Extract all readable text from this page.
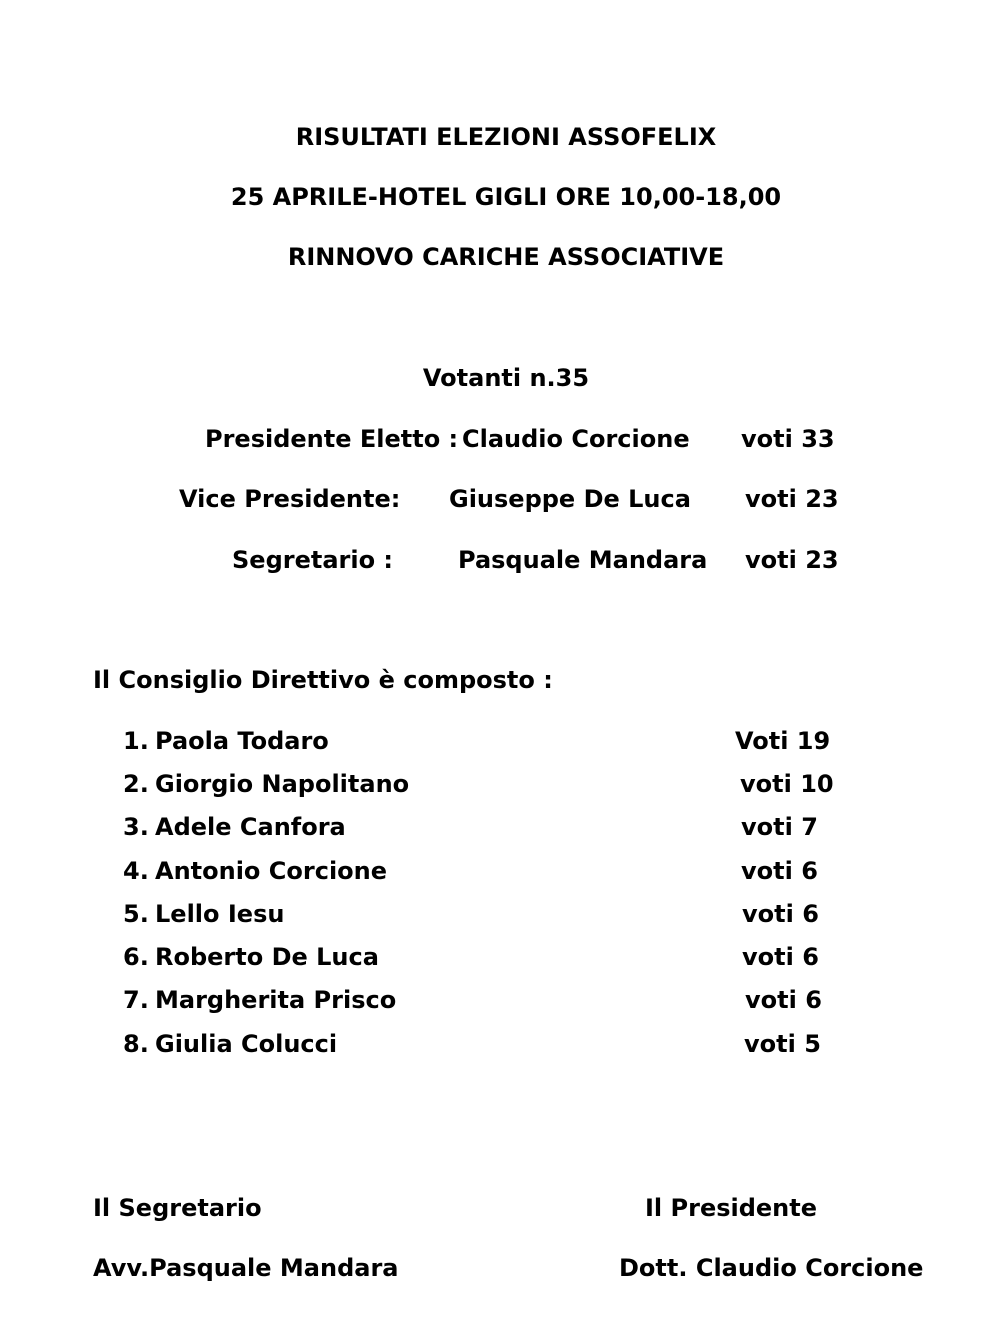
RISULTATI ELEZIONI ASSOFELIX
25 APRILE-HOTEL GIGLI ORE 10,00-18,00
RINNOVO CARICHE ASSOCIATIVE
Votanti n.35
Presidente Eletto : Claudio Corcione voti 33
Vice Presidente: Giuseppe De Luca voti 23
Segretario :	Pasquale Mandara voti 23
Il Consiglio Direttivo è composto :
1. Paola Todaro	Voti 19
2. Giorgio Napolitano	voti 10
3. Adele Canfora	voti 7
4. Antonio Corcione	voti 6
5. Lello Iesu	voti 6
6. Roberto De Luca	voti 6
7. Margherita Prisco	voti 6
8. Giulia Colucci	voti 5
Il Segretario
Avv.Pasquale Mandara
Il Presidente
Dott. Claudio Corcione
